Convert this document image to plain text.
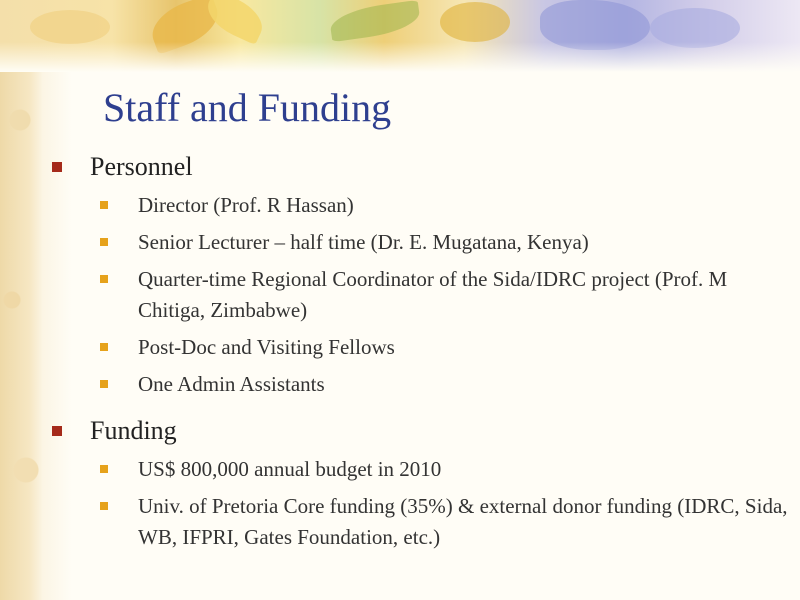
Staff and Funding
Personnel
Director (Prof. R Hassan)
Senior Lecturer – half time (Dr. E. Mugatana, Kenya)
Quarter-time Regional Coordinator of the Sida/IDRC project (Prof. M Chitiga, Zimbabwe)
Post-Doc and Visiting Fellows
One Admin Assistants
Funding
US$ 800,000 annual budget in 2010
Univ. of Pretoria Core funding (35%) & external donor funding (IDRC, Sida, WB, IFPRI, Gates Foundation, etc.)
